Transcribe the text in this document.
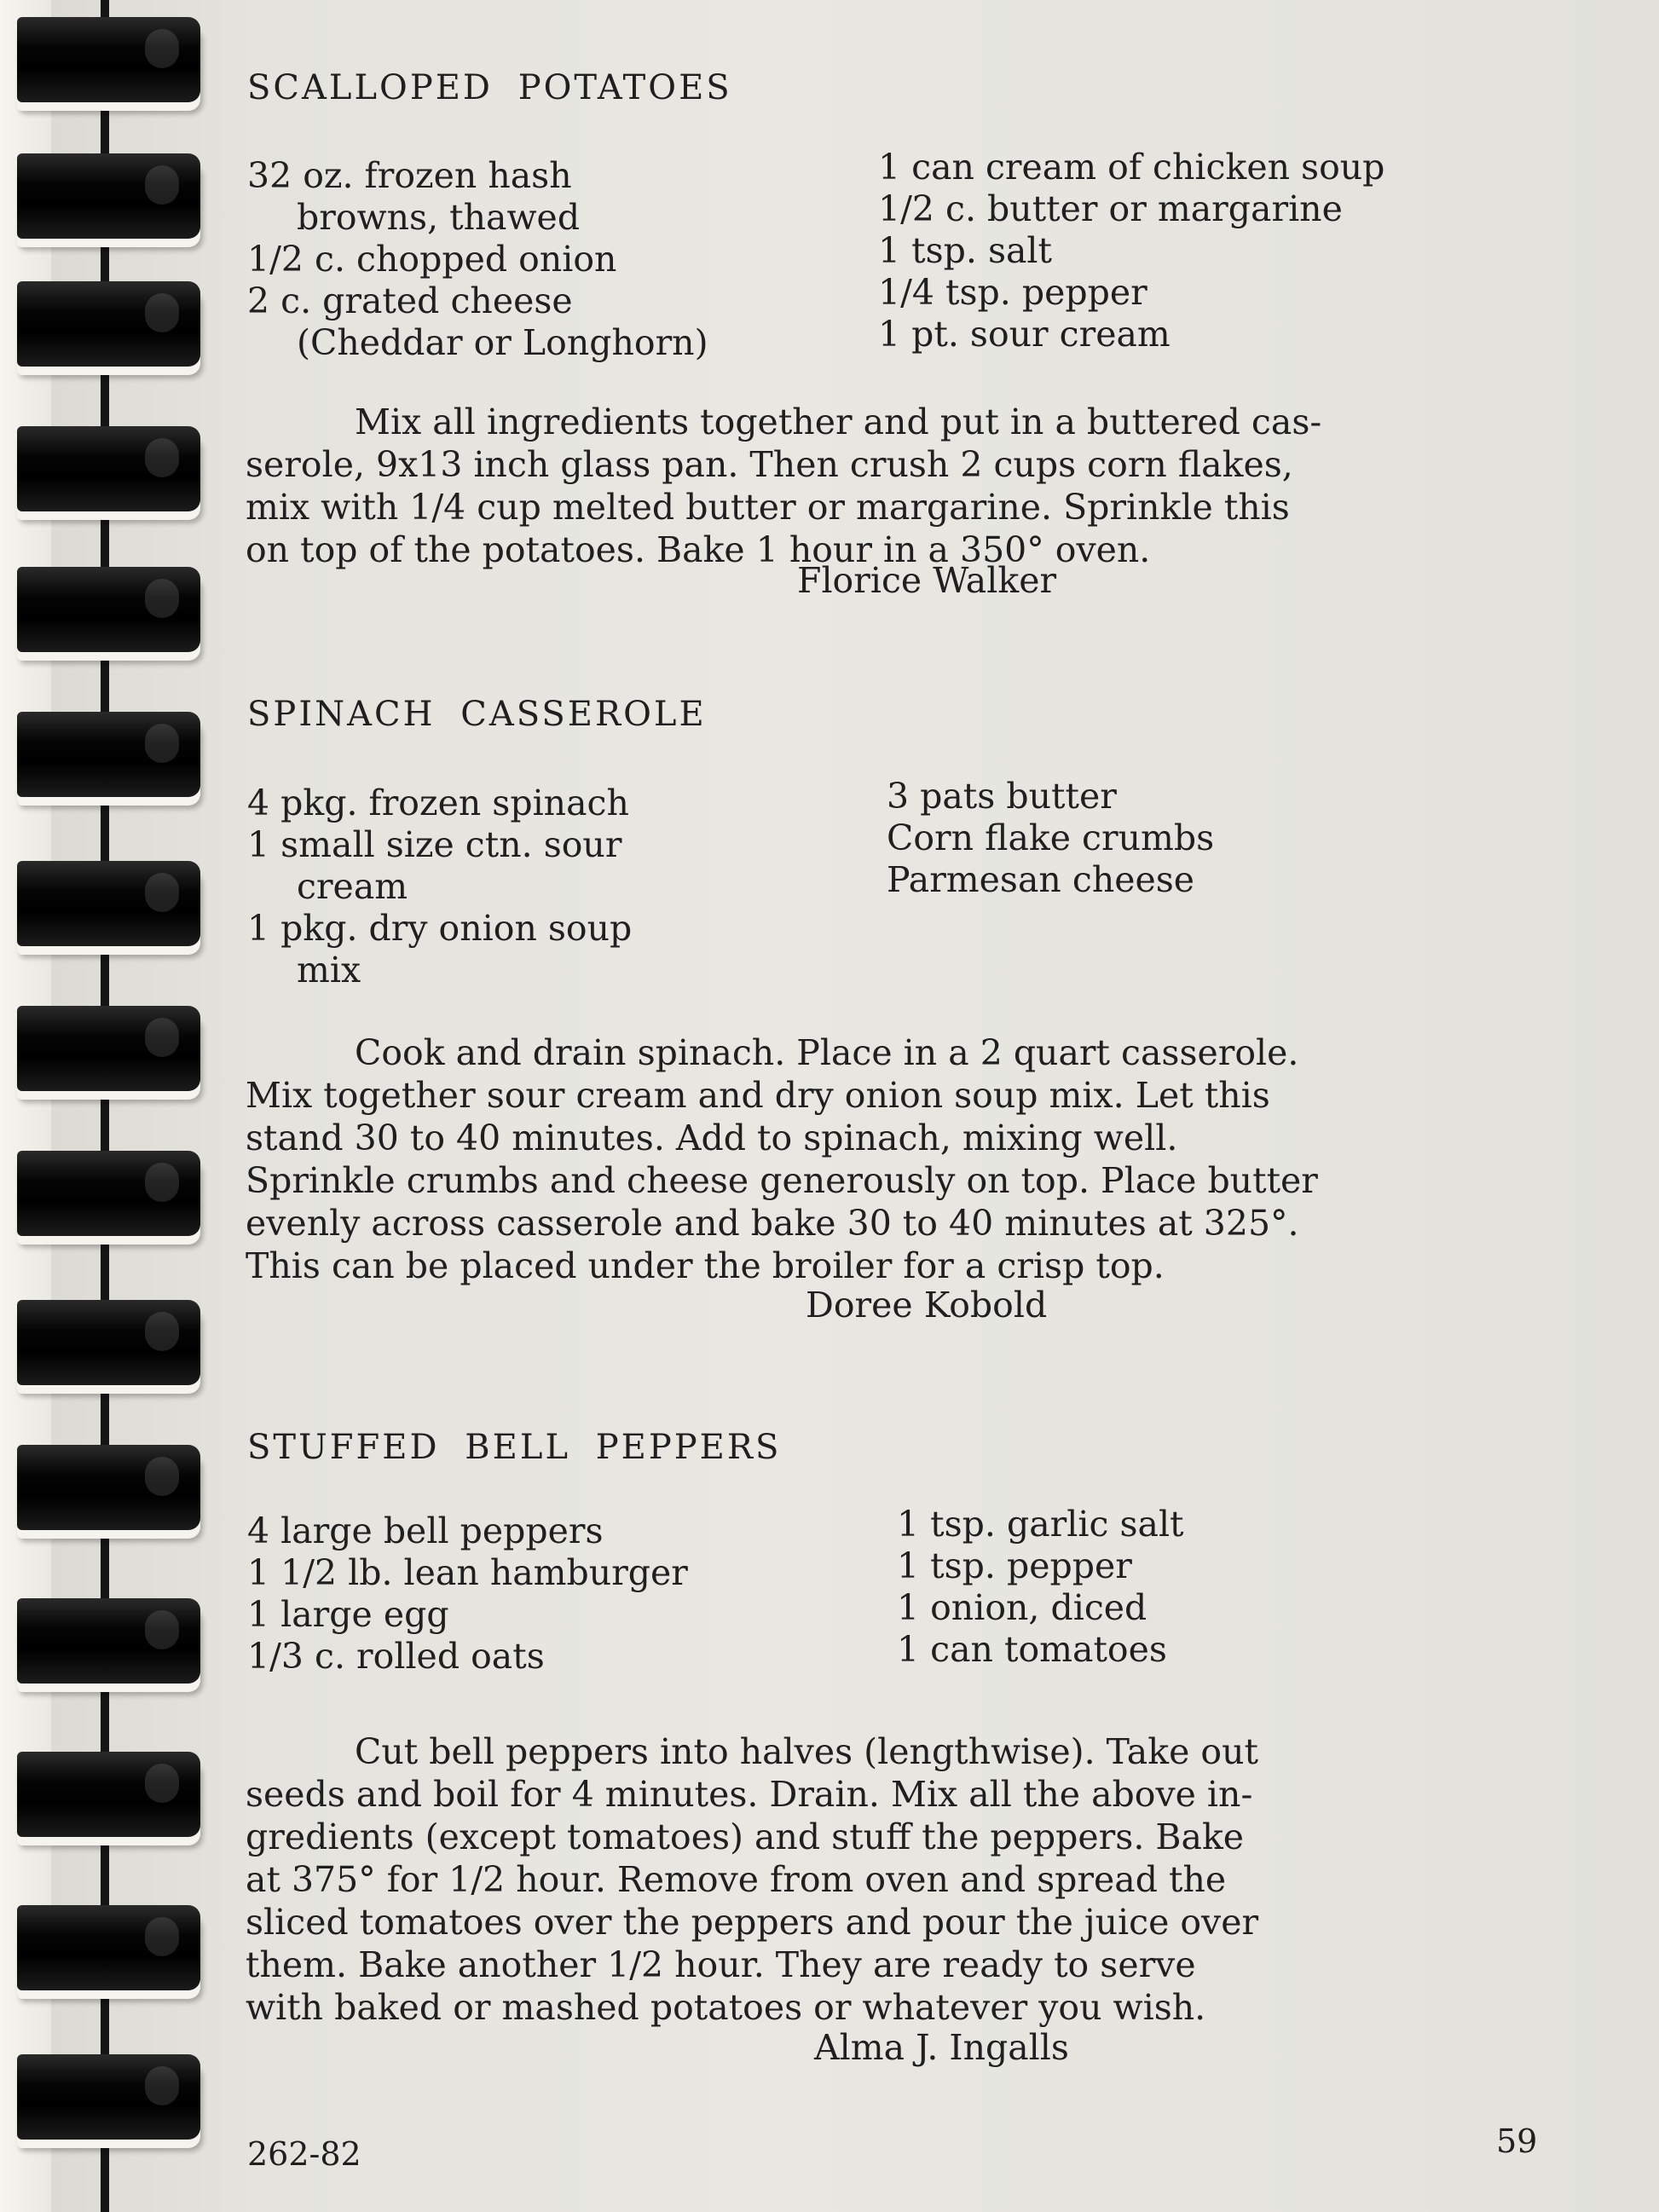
SCALLOPED POTATOES
32 oz. frozen hash
browns, thawed
1/2 c. chopped onion
2 c. grated cheese
(Cheddar or Longhorn)
1 can cream of chicken soup
1/2 c. butter or margarine
1 tsp. salt
1/4 tsp. pepper
1 pt. sour cream
Mix all ingredients together and put in a buttered cas-
serole, 9x13 inch glass pan. Then crush 2 cups corn flakes,
mix with 1/4 cup melted butter or margarine. Sprinkle this
on top of the potatoes. Bake 1 hour in a 350° oven.
Florice Walker
SPINACH CASSEROLE
4 pkg. frozen spinach
1 small size ctn. sour
cream
1 pkg. dry onion soup
mix
3 pats butter
Corn flake crumbs
Parmesan cheese
Cook and drain spinach. Place in a 2 quart casserole.
Mix together sour cream and dry onion soup mix. Let this
stand 30 to 40 minutes. Add to spinach, mixing well.
Sprinkle crumbs and cheese generously on top. Place butter
evenly across casserole and bake 30 to 40 minutes at 325°.
This can be placed under the broiler for a crisp top.
Doree Kobold
STUFFED BELL PEPPERS
4 large bell peppers
1 1/2 lb. lean hamburger
1 large egg
1/3 c. rolled oats
1 tsp. garlic salt
1 tsp. pepper
1 onion, diced
1 can tomatoes
Cut bell peppers into halves (lengthwise). Take out
seeds and boil for 4 minutes. Drain. Mix all the above in-
gredients (except tomatoes) and stuff the peppers. Bake
at 375° for 1/2 hour. Remove from oven and spread the
sliced tomatoes over the peppers and pour the juice over
them. Bake another 1/2 hour. They are ready to serve
with baked or mashed potatoes or whatever you wish.
Alma J. Ingalls
262-82	59
